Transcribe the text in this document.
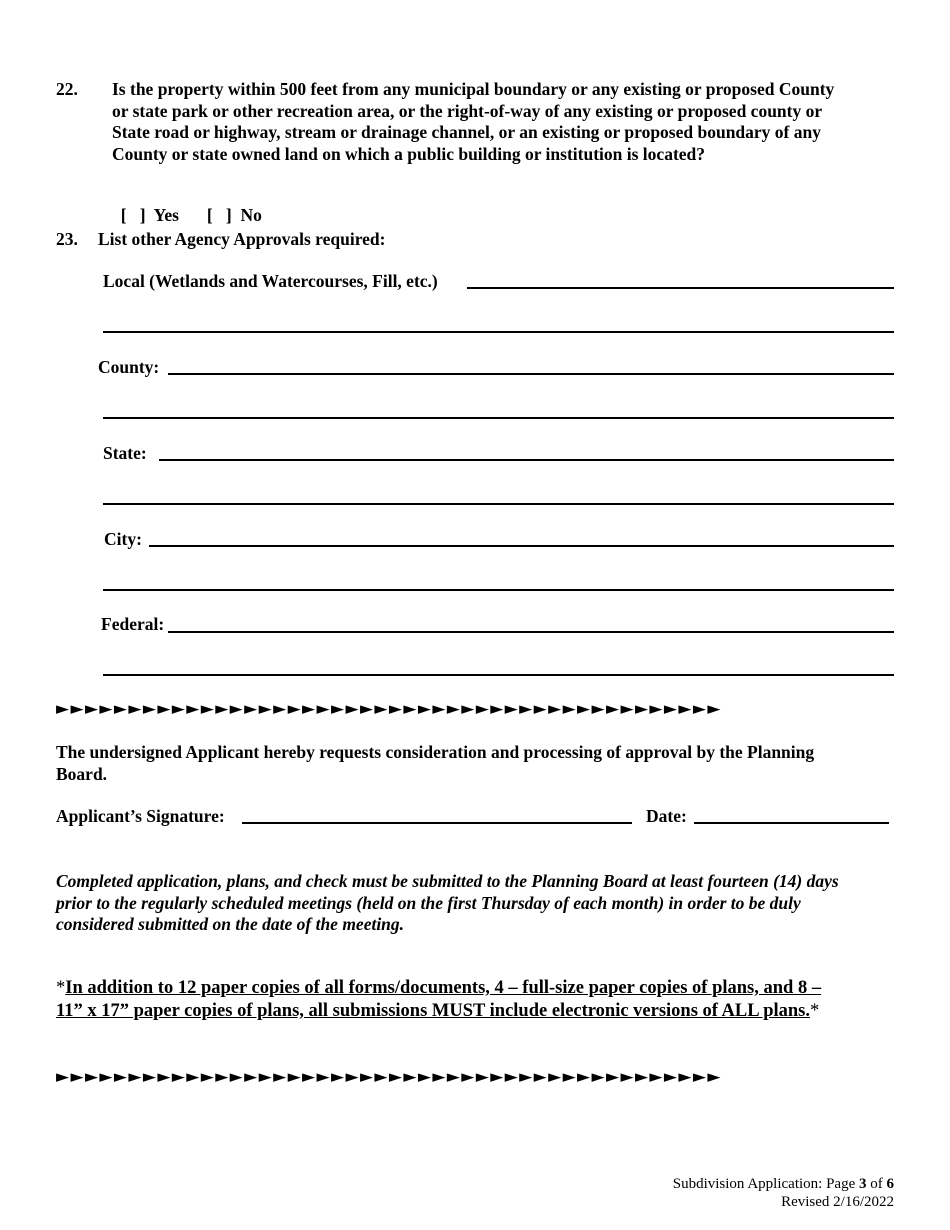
22. Is the property within 500 feet from any municipal boundary or any existing or proposed County
or state park or other recreation area, or the right-of-way of any existing or proposed county or
State road or highway, stream or drainage channel, or an existing or proposed boundary of any
County or state owned land on which a public building or institution is located?

[   ]  Yes [   ]  No

23. List other Agency Approvals required:
Local (Wetlands and Watercourses, Fill, etc.)
County:
State:
City:
Federal:
►►►►►►►►►►►►►►►►►►►►►►►►►►►►►►►►►►►►►►►►►►►►►►
The undersigned Applicant hereby requests consideration and processing of approval by the Planning
Board.
Applicant’s Signature:	Date:
Completed application, plans, and check must be submitted to the Planning Board at least fourteen (14) days
prior to the regularly scheduled meetings (held on the first Thursday of each month) in order to be duly
considered submitted on the date of the meeting.
*In addition to 12 paper copies of all forms/documents, 4 – full-size paper copies of plans, and 8 –
11” x 17” paper copies of plans, all submissions MUST include electronic versions of ALL plans.*
►►►►►►►►►►►►►►►►►►►►►►►►►►►►►►►►►►►►►►►►►►►►►►
Subdivision Application: Page 3 of 6
Revised 2/16/2022
